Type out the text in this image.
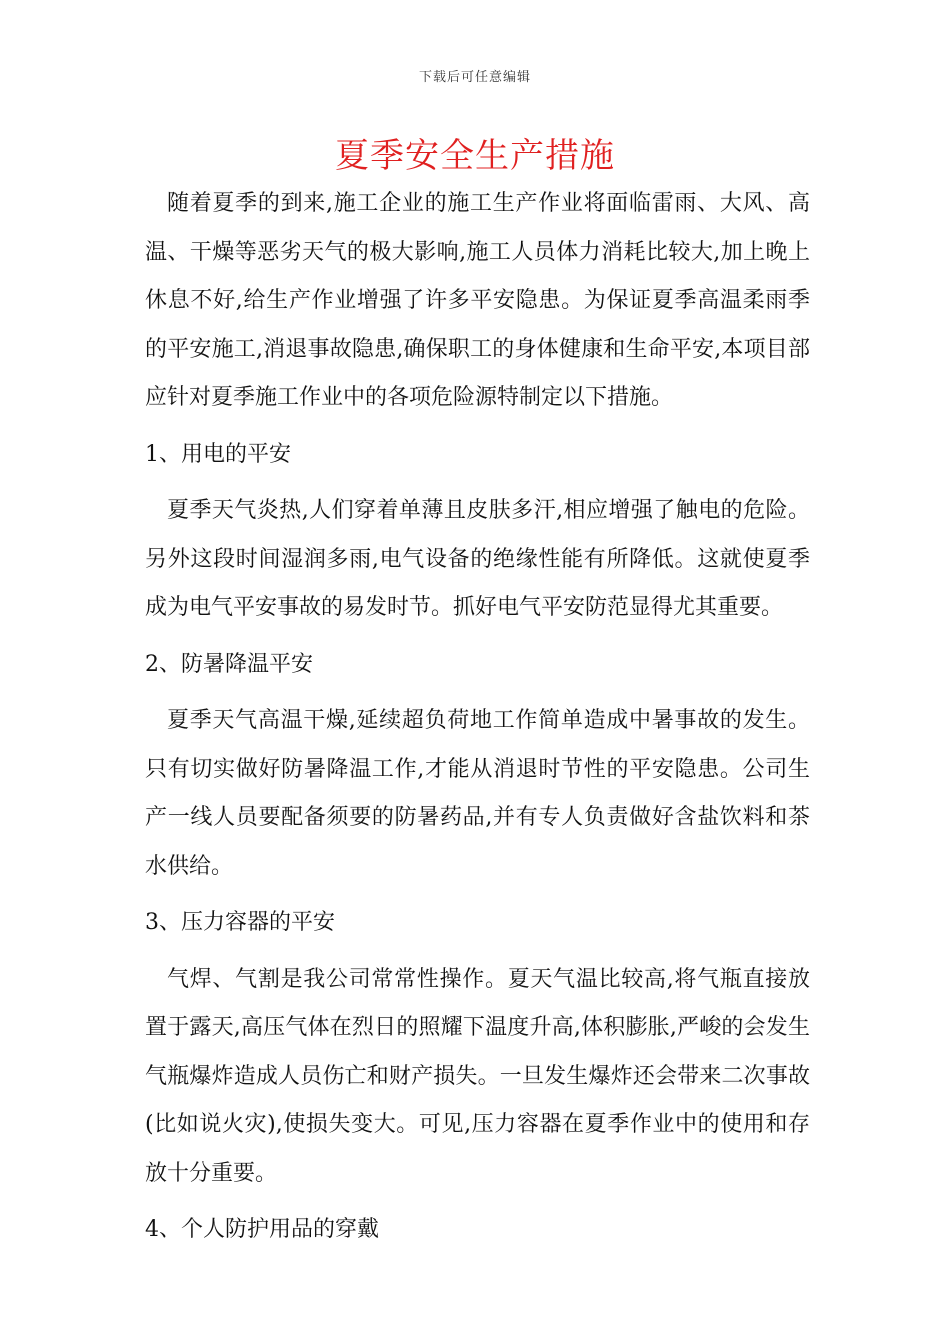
下载后可任意编辑
夏季安全生产措施

随着夏季的到来,施工企业的施工生产作业将面临雷雨、大风、高温、干燥等恶劣天气的极大影响,施工人员体力消耗比较大,加上晚上休息不好,给生产作业增强了许多平安隐患。为保证夏季高温柔雨季的平安施工,消退事故隐患,确保职工的身体健康和生命平安,本项目部应针对夏季施工作业中的各项危险源特制定以下措施。

1、用电的平安

夏季天气炎热,人们穿着单薄且皮肤多汗,相应增强了触电的危险。另外这段时间湿润多雨,电气设备的绝缘性能有所降低。这就使夏季成为电气平安事故的易发时节。抓好电气平安防范显得尤其重要。

2、防暑降温平安

夏季天气高温干燥,延续超负荷地工作简单造成中暑事故的发生。只有切实做好防暑降温工作,才能从消退时节性的平安隐患。公司生产一线人员要配备须要的防暑药品,并有专人负责做好含盐饮料和茶水供给。

3、压力容器的平安

气焊、气割是我公司常常性操作。夏天气温比较高,将气瓶直接放置于露天,高压气体在烈日的照耀下温度升高,体积膨胀,严峻的会发生气瓶爆炸造成人员伤亡和财产损失。一旦发生爆炸还会带来二次事故(比如说火灾),使损失变大。可见,压力容器在夏季作业中的使用和存放十分重要。

4、个人防护用品的穿戴
